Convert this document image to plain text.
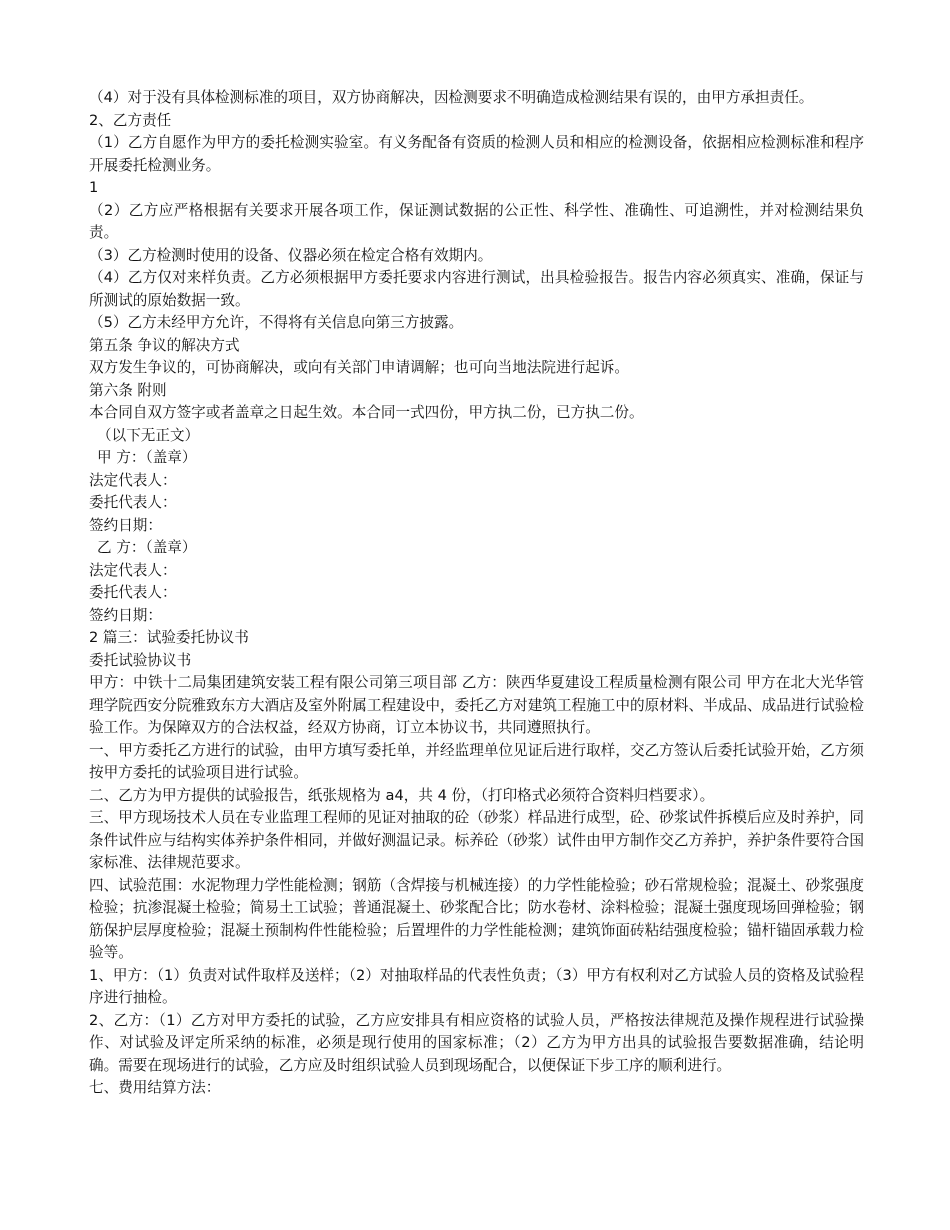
（4）对于没有具体检测标准的项目，双方协商解决，因检测要求不明确造成检测结果有误的，由甲方承担责任。

2、乙方责任

（1）乙方自愿作为甲方的委托检测实验室。有义务配备有资质的检测人员和相应的检测设备，依据相应检测标准和程序开展委托检测业务。

1

（2）乙方应严格根据有关要求开展各项工作，保证测试数据的公正性、科学性、准确性、可追溯性，并对检测结果负责。

（3）乙方检测时使用的设备、仪器必须在检定合格有效期内。

（4）乙方仅对来样负责。乙方必须根据甲方委托要求内容进行测试，出具检验报告。报告内容必须真实、准确，保证与所测试的原始数据一致。

（5）乙方未经甲方允许，不得将有关信息向第三方披露。

第五条 争议的解决方式

双方发生争议的，可协商解决，或向有关部门申请调解；也可向当地法院进行起诉。

第六条 附则

本合同自双方签字或者盖章之日起生效。本合同一式四份，甲方执二份，已方执二份。

（以下无正文）

甲 方：（盖章）

法定代表人：

委托代表人：

签约日期：

乙 方：（盖章）

法定代表人：

委托代表人：

签约日期：

2 篇三：试验委托协议书

委托试验协议书

甲方：中铁十二局集团建筑安装工程有限公司第三项目部 乙方：陕西华夏建设工程质量检测有限公司 甲方在北大光华管理学院西安分院雅致东方大酒店及室外附属工程建设中，委托乙方对建筑工程施工中的原材料、半成品、成品进行试验检验工作。为保障双方的合法权益，经双方协商，订立本协议书，共同遵照执行。

一、甲方委托乙方进行的试验，由甲方填写委托单，并经监理单位见证后进行取样，交乙方签认后委托试验开始，乙方须按甲方委托的试验项目进行试验。

二、乙方为甲方提供的试验报告，纸张规格为 a4，共 4 份，（打印格式必须符合资料归档要求）。

三、甲方现场技术人员在专业监理工程师的见证对抽取的砼（砂浆）样品进行成型，砼、砂浆试件拆模后应及时养护，同条件试件应与结构实体养护条件相同，并做好测温记录。标养砼（砂浆）试件由甲方制作交乙方养护，养护条件要符合国家标准、法律规范要求。

四、试验范围：水泥物理力学性能检测；钢筋（含焊接与机械连接）的力学性能检验；砂石常规检验；混凝土、砂浆强度检验；抗渗混凝土检验；简易土工试验；普通混凝土、砂浆配合比；防水卷材、涂料检验；混凝土强度现场回弹检验；钢筋保护层厚度检验；混凝土预制构件性能检验；后置埋件的力学性能检测；建筑饰面砖粘结强度检验；锚杆锚固承载力检验等。

1、甲方：（1）负责对试件取样及送样；（2）对抽取样品的代表性负责；（3）甲方有权利对乙方试验人员的资格及试验程序进行抽检。

2、乙方：（1）乙方对甲方委托的试验，乙方应安排具有相应资格的试验人员，严格按法律规范及操作规程进行试验操作、对试验及评定所采纳的标准，必须是现行使用的国家标准；（2）乙方为甲方出具的试验报告要数据准确，结论明确。需要在现场进行的试验，乙方应及时组织试验人员到现场配合，以便保证下步工序的顺利进行。

七、费用结算方法：
